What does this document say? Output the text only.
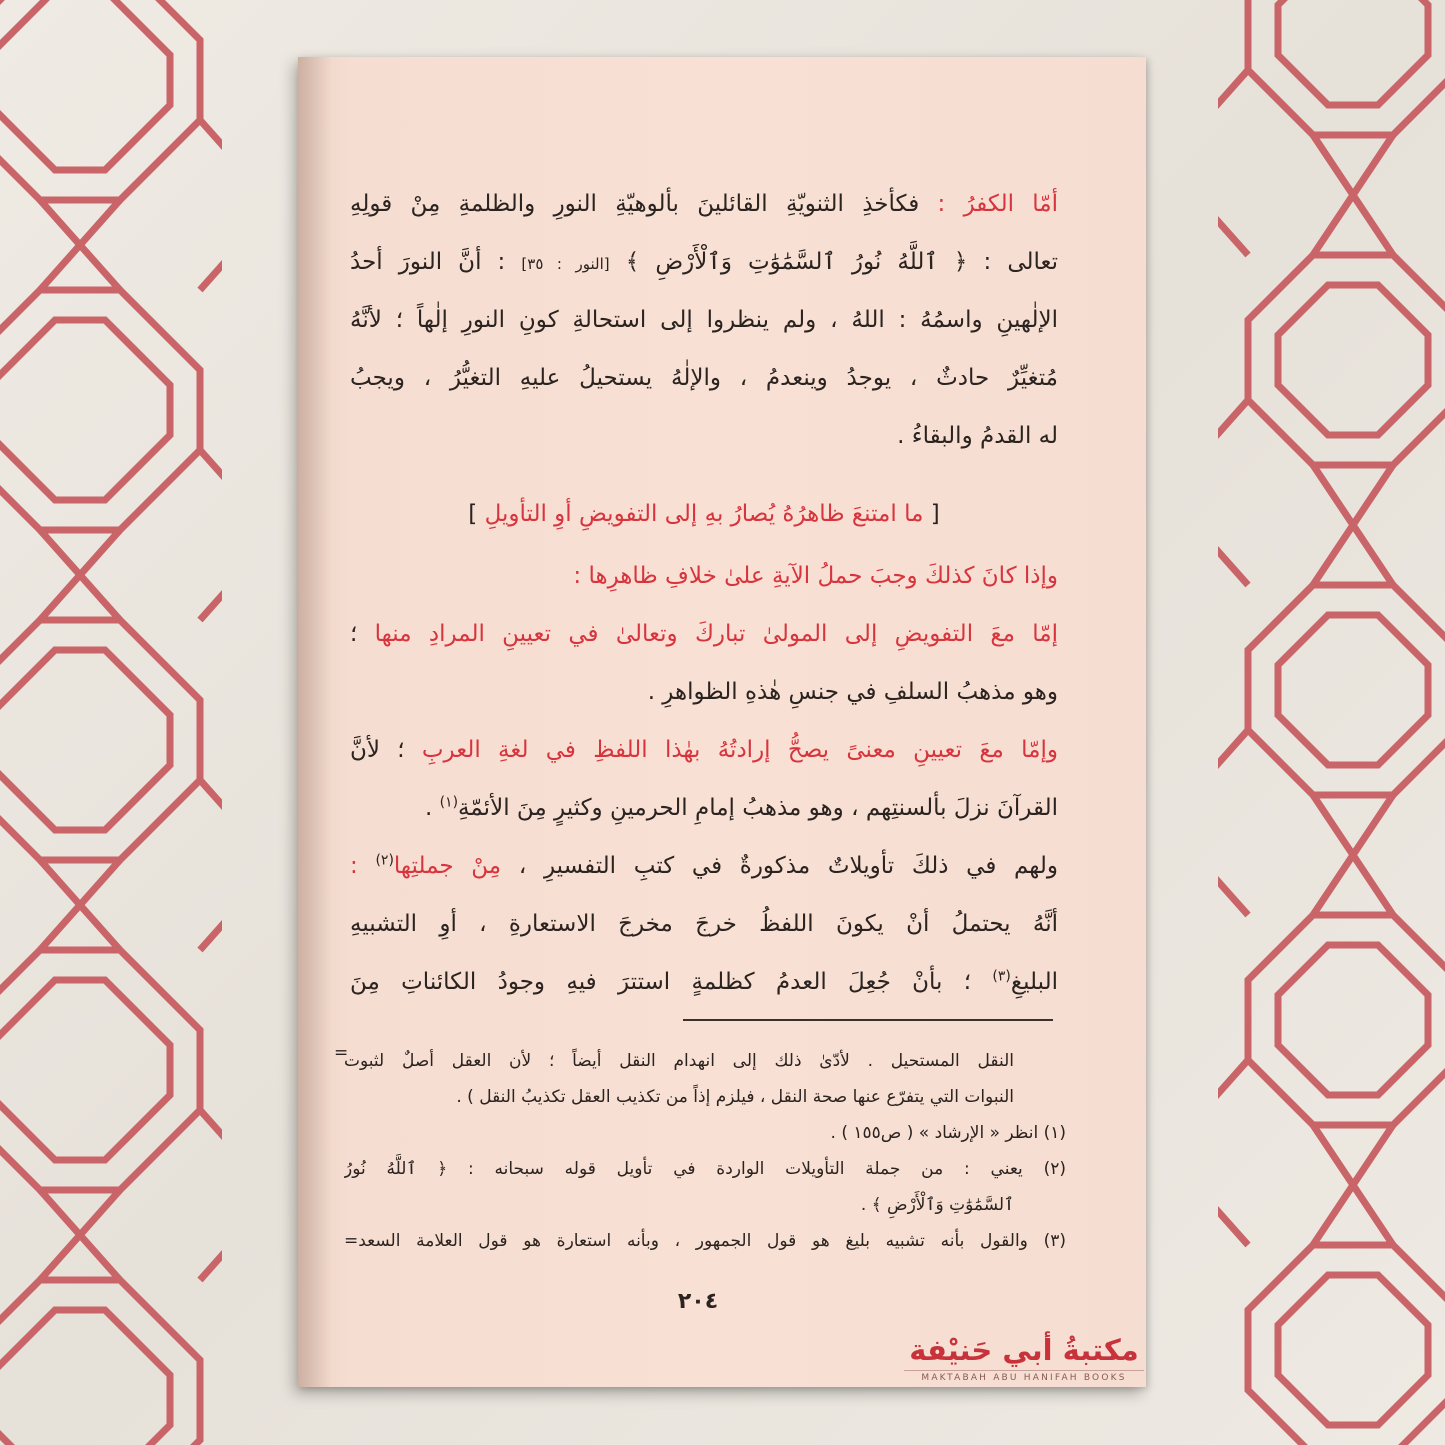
أمّا الكفرُ : فكأخذِ الثنويّةِ القائلينَ بألوهيّةِ النورِ والظلمةِ مِنْ قولِهِ
تعالى : ﴿ ٱللَّهُ نُورُ ٱلسَّمَٰوَٰتِ وَٱلْأَرْضِ ﴾ [النور : ٣٥] : أنَّ النورَ أحدُ
الإلٰهينِ واسمُهُ : اللهُ ، ولم ينظروا إلى استحالةِ كونِ النورِ إلٰهاً ؛ لأنَّهُ
مُتغيِّرٌ حادثٌ ، يوجدُ وينعدمُ ، والإلٰهُ يستحيلُ عليهِ التغيُّرُ ، ويجبُ
له القدمُ والبقاءُ .
[ ما امتنعَ ظاهرُهُ يُصارُ بهِ إلى التفويضِ أوِ التأويلِ ]
وإذا كانَ كذلكَ وجبَ حملُ الآيةِ علىٰ خلافِ ظاهرِها :
إمّا معَ التفويضِ إلى المولىٰ تباركَ وتعالىٰ في تعيينِ المرادِ منها ؛
وهو مذهبُ السلفِ في جنسِ هٰذهِ الظواهرِ .
وإمّا معَ تعيينِ معنىً يصحُّ إرادتُهُ بهٰذا اللفظِ في لغةِ العربِ ؛ لأنَّ
القرآنَ نزلَ بألسنتِهم ، وهو مذهبُ إمامِ الحرمينِ وكثيرٍ مِنَ الأئمّةِ$^{(١)}$ .
ولهم في ذلكَ تأويلاتٌ مذكورةٌ في كتبِ التفسيرِ ، مِنْ جملتِها$^{(٢)}$ :
أنَّهُ يحتملُ أنْ يكونَ اللفظُ خرجَ مخرجَ الاستعارةِ ، أوِ التشبيهِ
البليغِ$^{(٣)}$ ؛ بأنْ جُعِلَ العدمُ كظلمةٍ استترَ فيهِ وجودُ الكائناتِ مِنَ
=
النقل المستحيل . لأدّىٰ ذلك إلى انهدام النقل أيضاً ؛ لأن العقل أصلٌ لثبوت
النبوات التي يتفرّع عنها صحة النقل ، فيلزم إذاً من تكذيب العقل تكذيبُ النقل ) .
(١) انظر « الإرشاد » ( ص١٥٥ ) .
(٢) يعني : من جملة التأويلات الواردة في تأويل قوله سبحانه : ﴿ ٱللَّهُ نُورُ
ٱلسَّمَٰوَٰتِ وَٱلْأَرْضِ ﴾ .
(٣) والقول بأنه تشبيه بليغ هو قول الجمهور ، وبأنه استعارة هو قول العلامة السعد=
٢٠٤
مكتبةُ أبي حَنيْفة
MAKTABAH ABU HANIFAH BOOKS
